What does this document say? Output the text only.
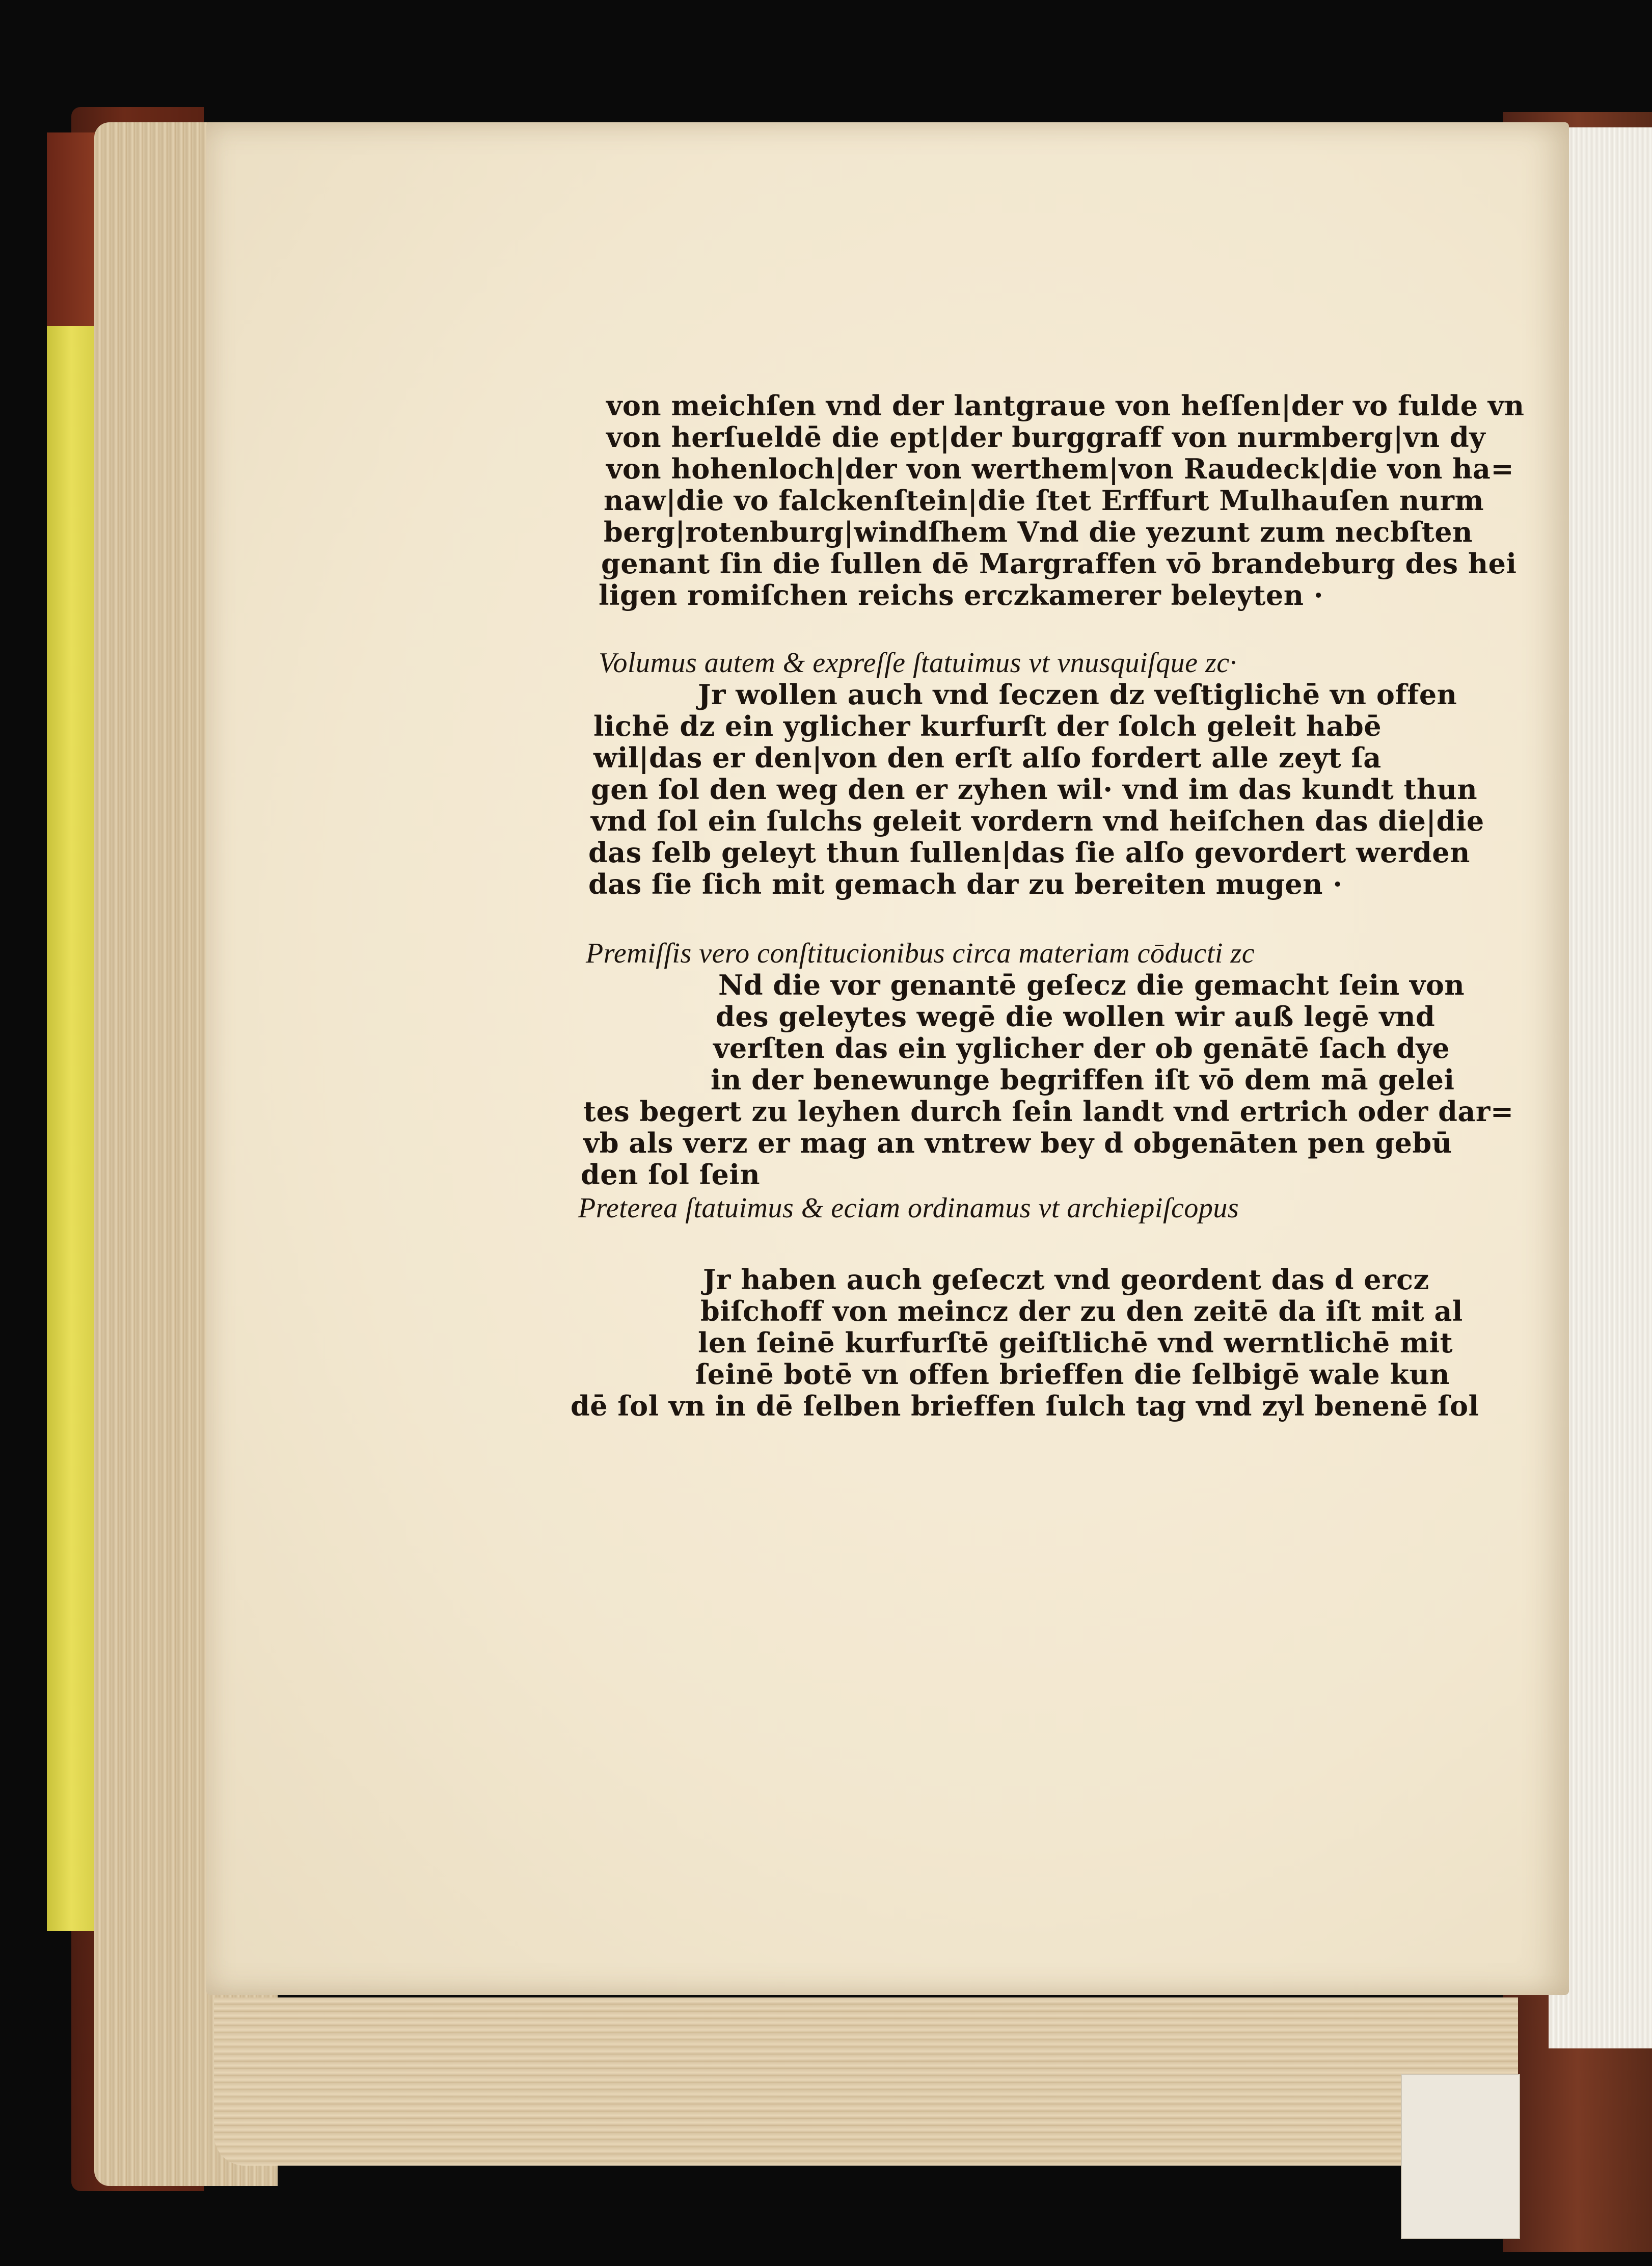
von meichſen vnd der lantgraue von heſſen|der vo fulde vn
von herſueldē die ept|der burggraff von nurmberg|vn dy
von hohenloch|der von werthem|von Raudeck|die von ha=
naw|die vo falckenſtein|die ſtet Erffurt Mulhauſen nurm
berg|rotenburg|windſhem Vnd die yezunt zum necbſten
genant ſin die ſullen dē Margraffen vō brandeburg des hei
ligen romiſchen reichs erczkamerer beleyten ·
Volumus autem & expreſſe ſtatuimus vt vnusquiſque zc·
Jr wollen auch vnd ſeczen dz veſtiglichē vn offen
lichē dz ein yglicher kurfurſt der ſolch geleit habē
wil|das er den|von den erſt alſo fordert alle zeyt ſa
gen ſol den weg den er zyhen wil· vnd im das kundt thun
vnd ſol ein ſulchs geleit vordern vnd heiſchen das die|die
das ſelb geleyt thun ſullen|das ſie alſo gevordert werden
das ſie ſich mit gemach dar zu bereiten mugen ·
Premiſſis vero conſtitucionibus circa materiam cōducti zc
Nd die vor genantē geſecz die gemacht ſein von
des geleytes wegē die wollen wir auß legē vnd
verſten das ein yglicher der ob genātē ſach dye
in der benewunge begriffen iſt vō dem mā gelei
tes begert zu leyhen durch ſein landt vnd ertrich oder dar=
vb als verz er mag an vntrew bey d obgenāten pen gebū
den ſol ſein
Preterea ſtatuimus & eciam ordinamus vt archiepiſcopus
Jr haben auch geſeczt vnd geordent das d ercz
biſchoff von meincz der zu den zeitē da iſt mit al
len ſeinē kurfurſtē geiſtlichē vnd werntlichē mit
ſeinē botē vn offen brieffen die ſelbigē wale kun
dē ſol vn in dē ſelben brieffen ſulch tag vnd zyl benenē ſol
